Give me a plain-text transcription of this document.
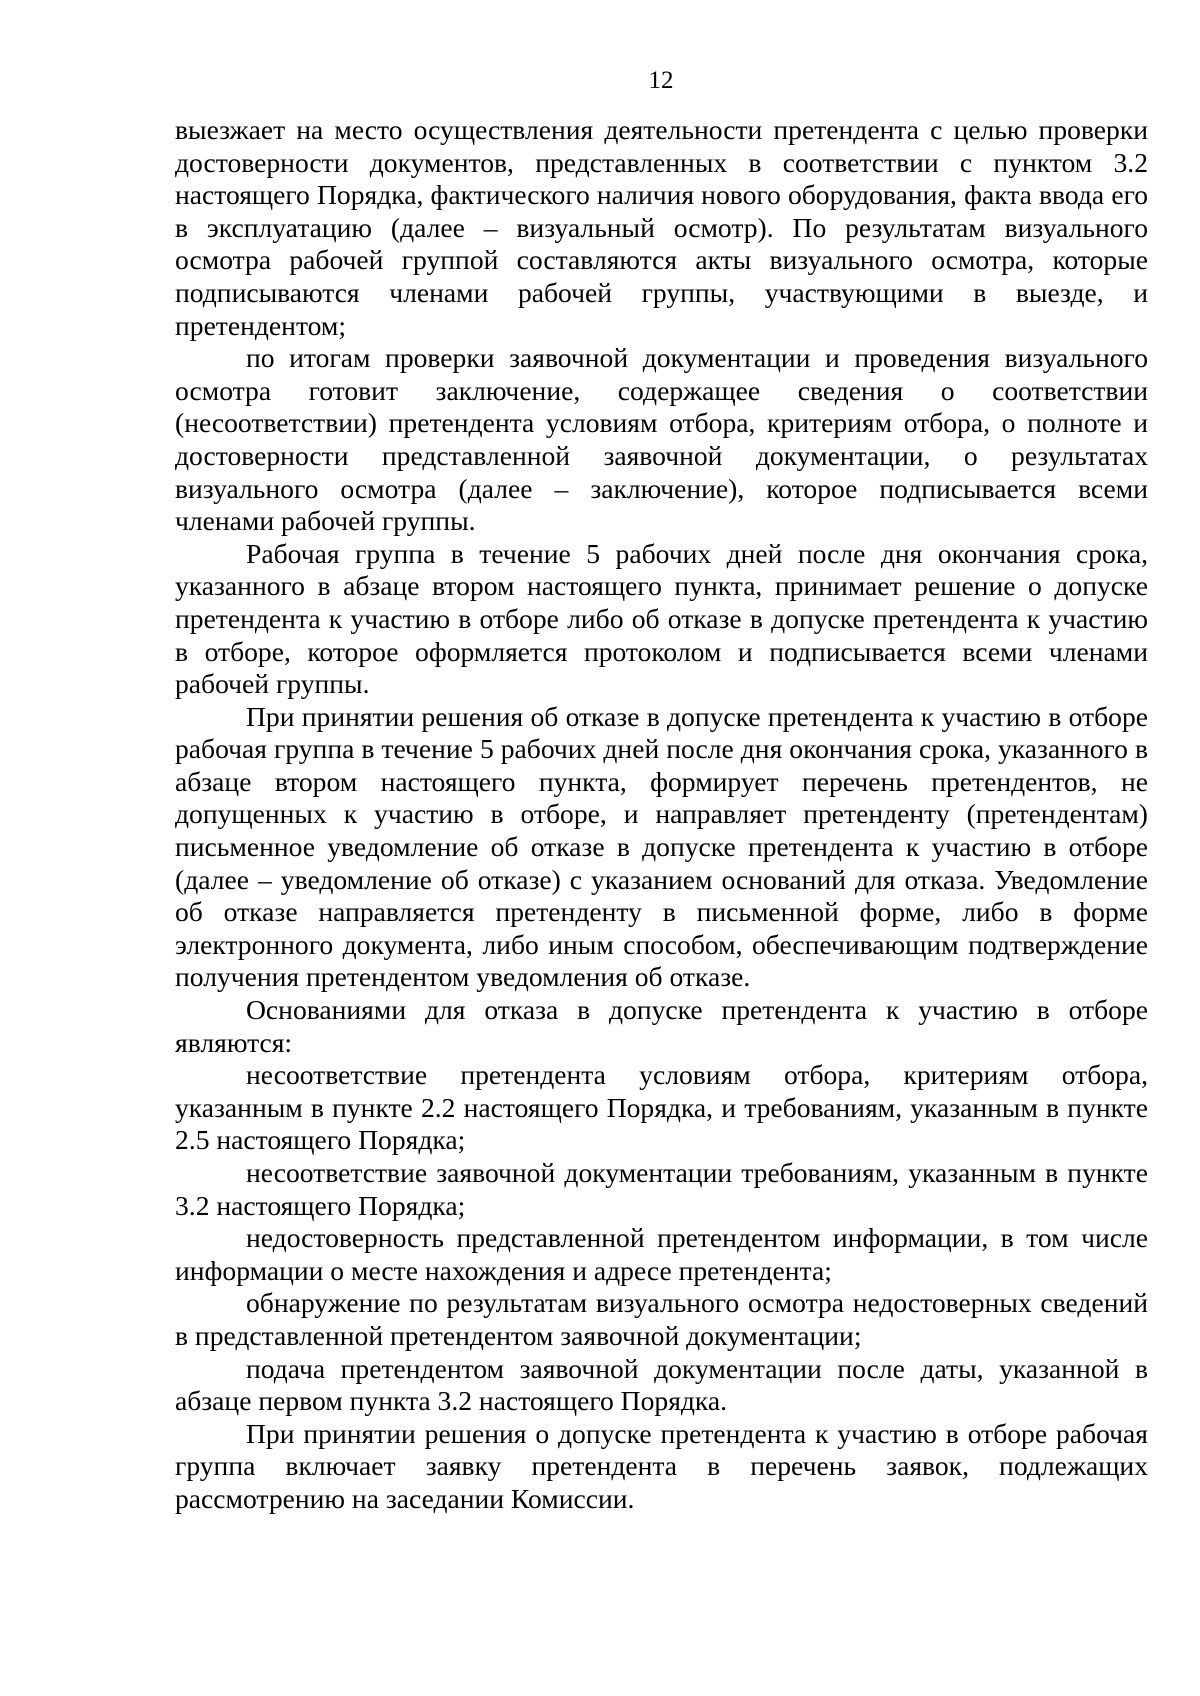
12

выезжает на место осуществления деятельности претендента с целью проверки достоверности документов, представленных в соответствии с пунктом 3.2 настоящего Порядка, фактического наличия нового оборудования, факта ввода его в эксплуатацию (далее – визуальный осмотр). По результатам визуального осмотра рабочей группой составляются акты визуального осмотра, которые подписываются членами рабочей группы, участвующими в выезде, и претендентом;

по итогам проверки заявочной документации и проведения визуального осмотра готовит заключение, содержащее сведения о соответствии (несоответствии) претендента условиям отбора, критериям отбора, о полноте и достоверности представленной заявочной документации, о результатах визуального осмотра (далее – заключение), которое подписывается всеми членами рабочей группы.

Рабочая группа в течение 5 рабочих дней после дня окончания срока, указанного в абзаце втором настоящего пункта, принимает решение о допуске претендента к участию в отборе либо об отказе в допуске претендента к участию в отборе, которое оформляется протоколом и подписывается всеми членами рабочей группы.

При принятии решения об отказе в допуске претендента к участию в отборе рабочая группа в течение 5 рабочих дней после дня окончания срока, указанного в абзаце втором настоящего пункта, формирует перечень претендентов, не допущенных к участию в отборе, и направляет претенденту (претендентам) письменное уведомление об отказе в допуске претендента к участию в отборе (далее – уведомление об отказе) с указанием оснований для отказа. Уведомление об отказе направляется претенденту в письменной форме, либо в форме электронного документа, либо иным способом, обеспечивающим подтверждение получения претендентом уведомления об отказе.

Основаниями для отказа в допуске претендента к участию в отборе являются:

несоответствие претендента условиям отбора, критериям отбора, указанным в пункте 2.2 настоящего Порядка, и требованиям, указанным в пункте 2.5 настоящего Порядка;

несоответствие заявочной документации требованиям, указанным в пункте 3.2 настоящего Порядка;

недостоверность представленной претендентом информации, в том числе информации о месте нахождения и адресе претендента;

обнаружение по результатам визуального осмотра недостоверных сведений в представленной претендентом заявочной документации;

подача претендентом заявочной документации после даты, указанной в абзаце первом пункта 3.2 настоящего Порядка.

При принятии решения о допуске претендента к участию в отборе рабочая группа включает заявку претендента в перечень заявок, подлежащих рассмотрению на заседании Комиссии.
